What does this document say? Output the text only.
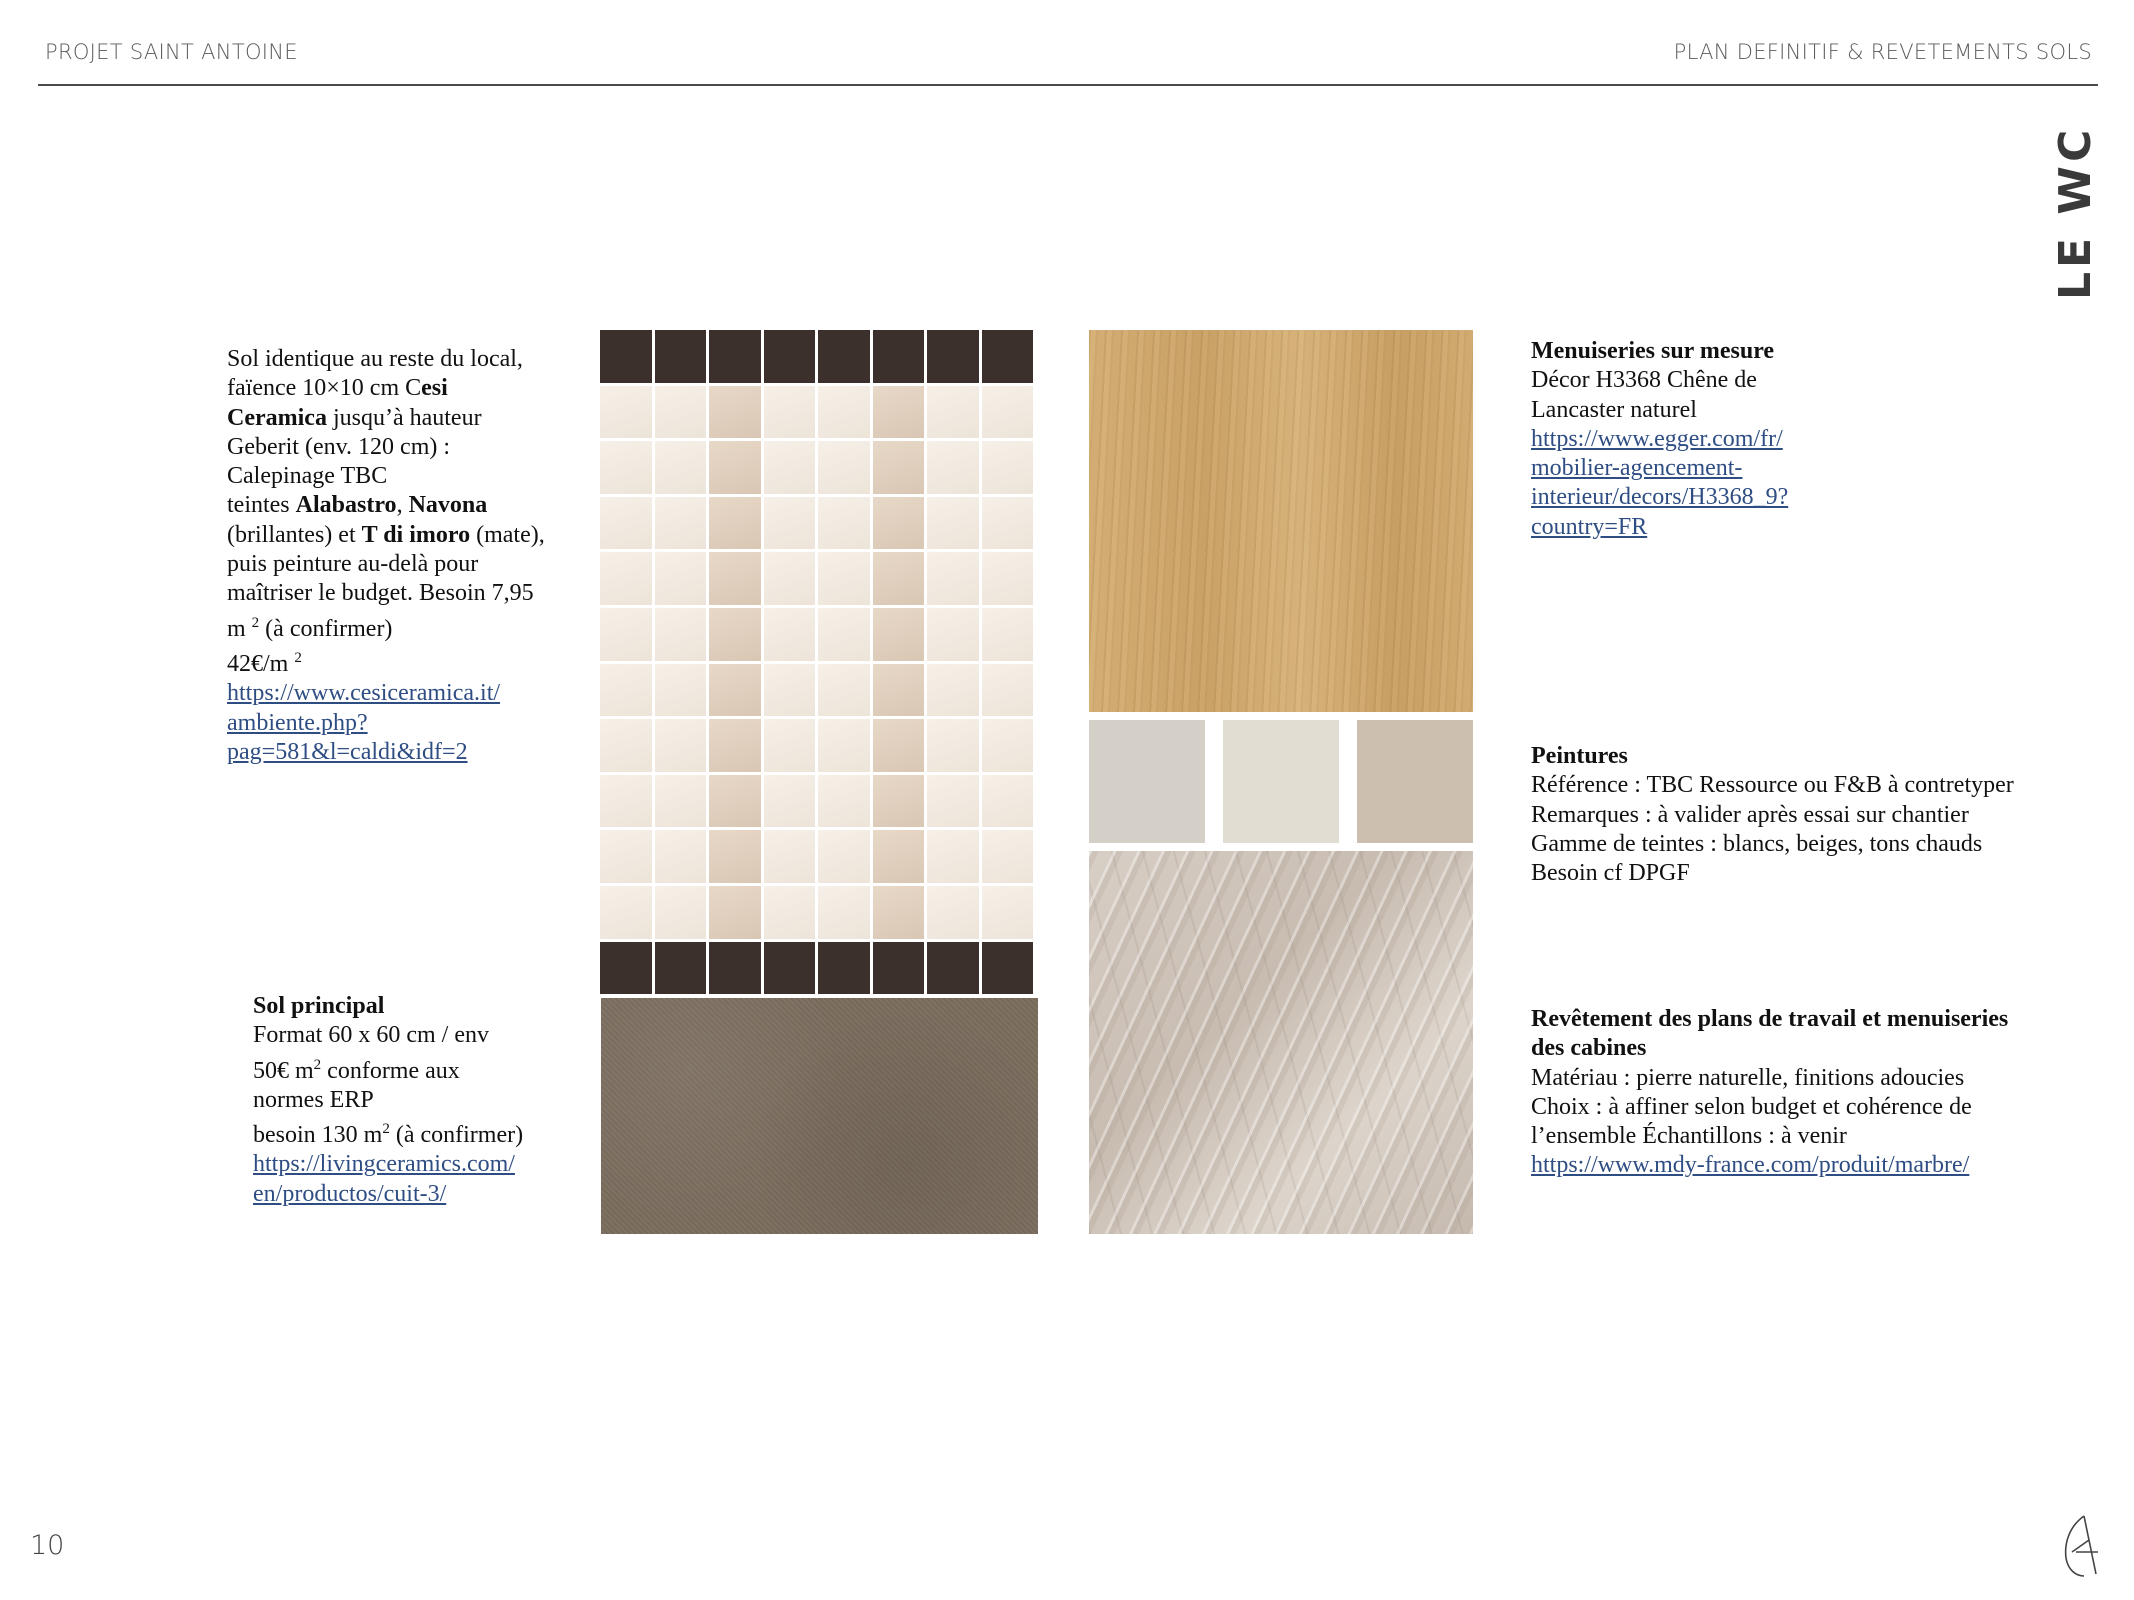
PROJET SAINT ANTOINE	PLAN DEFINITIF & REVETEMENTS SOLS
LE WC

Sol identique au reste du local,

faïence 10×10 cm Cesi

Ceramica jusqu’à hauteur

Geberit (env. 120 cm) :

Calepinage TBC

teintes Alabastro, Navona

(brillantes) et T di imoro (mate),

puis peinture au-delà pour

maîtriser le budget. Besoin 7,95

m $^2$ (à confirmer)

42€/m $^2$

https://www.cesiceramica.it/

ambiente.php?

pag=581&l=caldi&idf=2

Sol principal

Format 60 x 60 cm / env

50€ $m^2$ conforme aux

normes ERP

besoin 130 $m^2$ (à confirmer)

https://livingceramics.com/

en/productos/cuit-3/

Menuiseries sur mesure

Décor H3368 Chêne de

Lancaster naturel

https://www.egger.com/fr/

mobilier-agencement-

interieur/decors/H3368_9?

country=FR

Peintures

Référence : TBC Ressource ou F&B à contretyper

Remarques : à valider après essai sur chantier

Gamme de teintes : blancs, beiges, tons chauds

Besoin cf DPGF

Revêtement des plans de travail et menuiseries

des cabines

Matériau : pierre naturelle, finitions adoucies

Choix : à affiner selon budget et cohérence de

l’ensemble Échantillons : à venir

https://www.mdy-france.com/produit/marbre/

10
